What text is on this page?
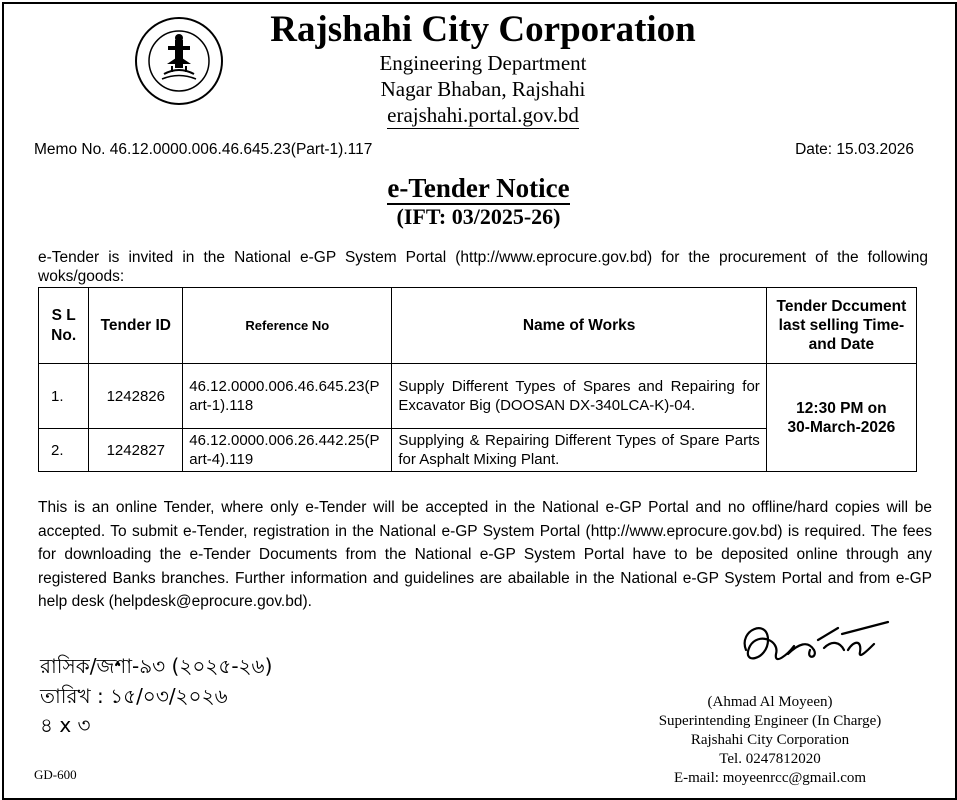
Rajshahi City Corporation
Engineering Department
Nagar Bhaban, Rajshahi
erajshahi.portal.gov.bd
Memo No. 46.12.0000.006.46.645.23(Part-1).117	Date: 15.03.2026
e-Tender Notice
(IFT: 03/2025-26)
e-Tender is invited in the National e-GP System Portal (http://www.eprocure.gov.bd) for the procurement of the following woks/goods:
S L No.	Tender ID	Reference No	Name of Works	Tender Dccument last selling Time- and Date
1.	1242826	46.12.0000.006.46.645.23(Part-1).118	Supply Different Types of Spares and Repairing for Excavator Big (DOOSAN DX-340LCA-K)-04.	12:30 PM on
30-March-2026

2.	1242827	46.12.0000.006.26.442.25(Part-4).119	Supplying & Repairing Different Types of Spare Parts for Asphalt Mixing Plant.	
This is an online Tender, where only e-Tender will be accepted in the National e-GP Portal and no offline/hard copies will be accepted. To submit e-Tender, registration in the National e-GP System Portal (http://www.eprocure.gov.bd) is required. The fees for downloading the e-Tender Documents from the National e-GP System Portal have to be deposited online through any registered Banks branches. Further information and guidelines are abailable in the National e-GP System Portal and from e-GP help desk (helpdesk@eprocure.gov.bd).
রাসিক/জশা-৯৩ (২০২৫-২৬)
তারিখ : ১৫/০৩/২০২৬
৪ x ৩
GD-600
(Ahmad Al Moyeen)
Superintending Engineer (In Charge)
Rajshahi City Corporation
Tel. 0247812020
E-mail: moyeenrcc@gmail.com
